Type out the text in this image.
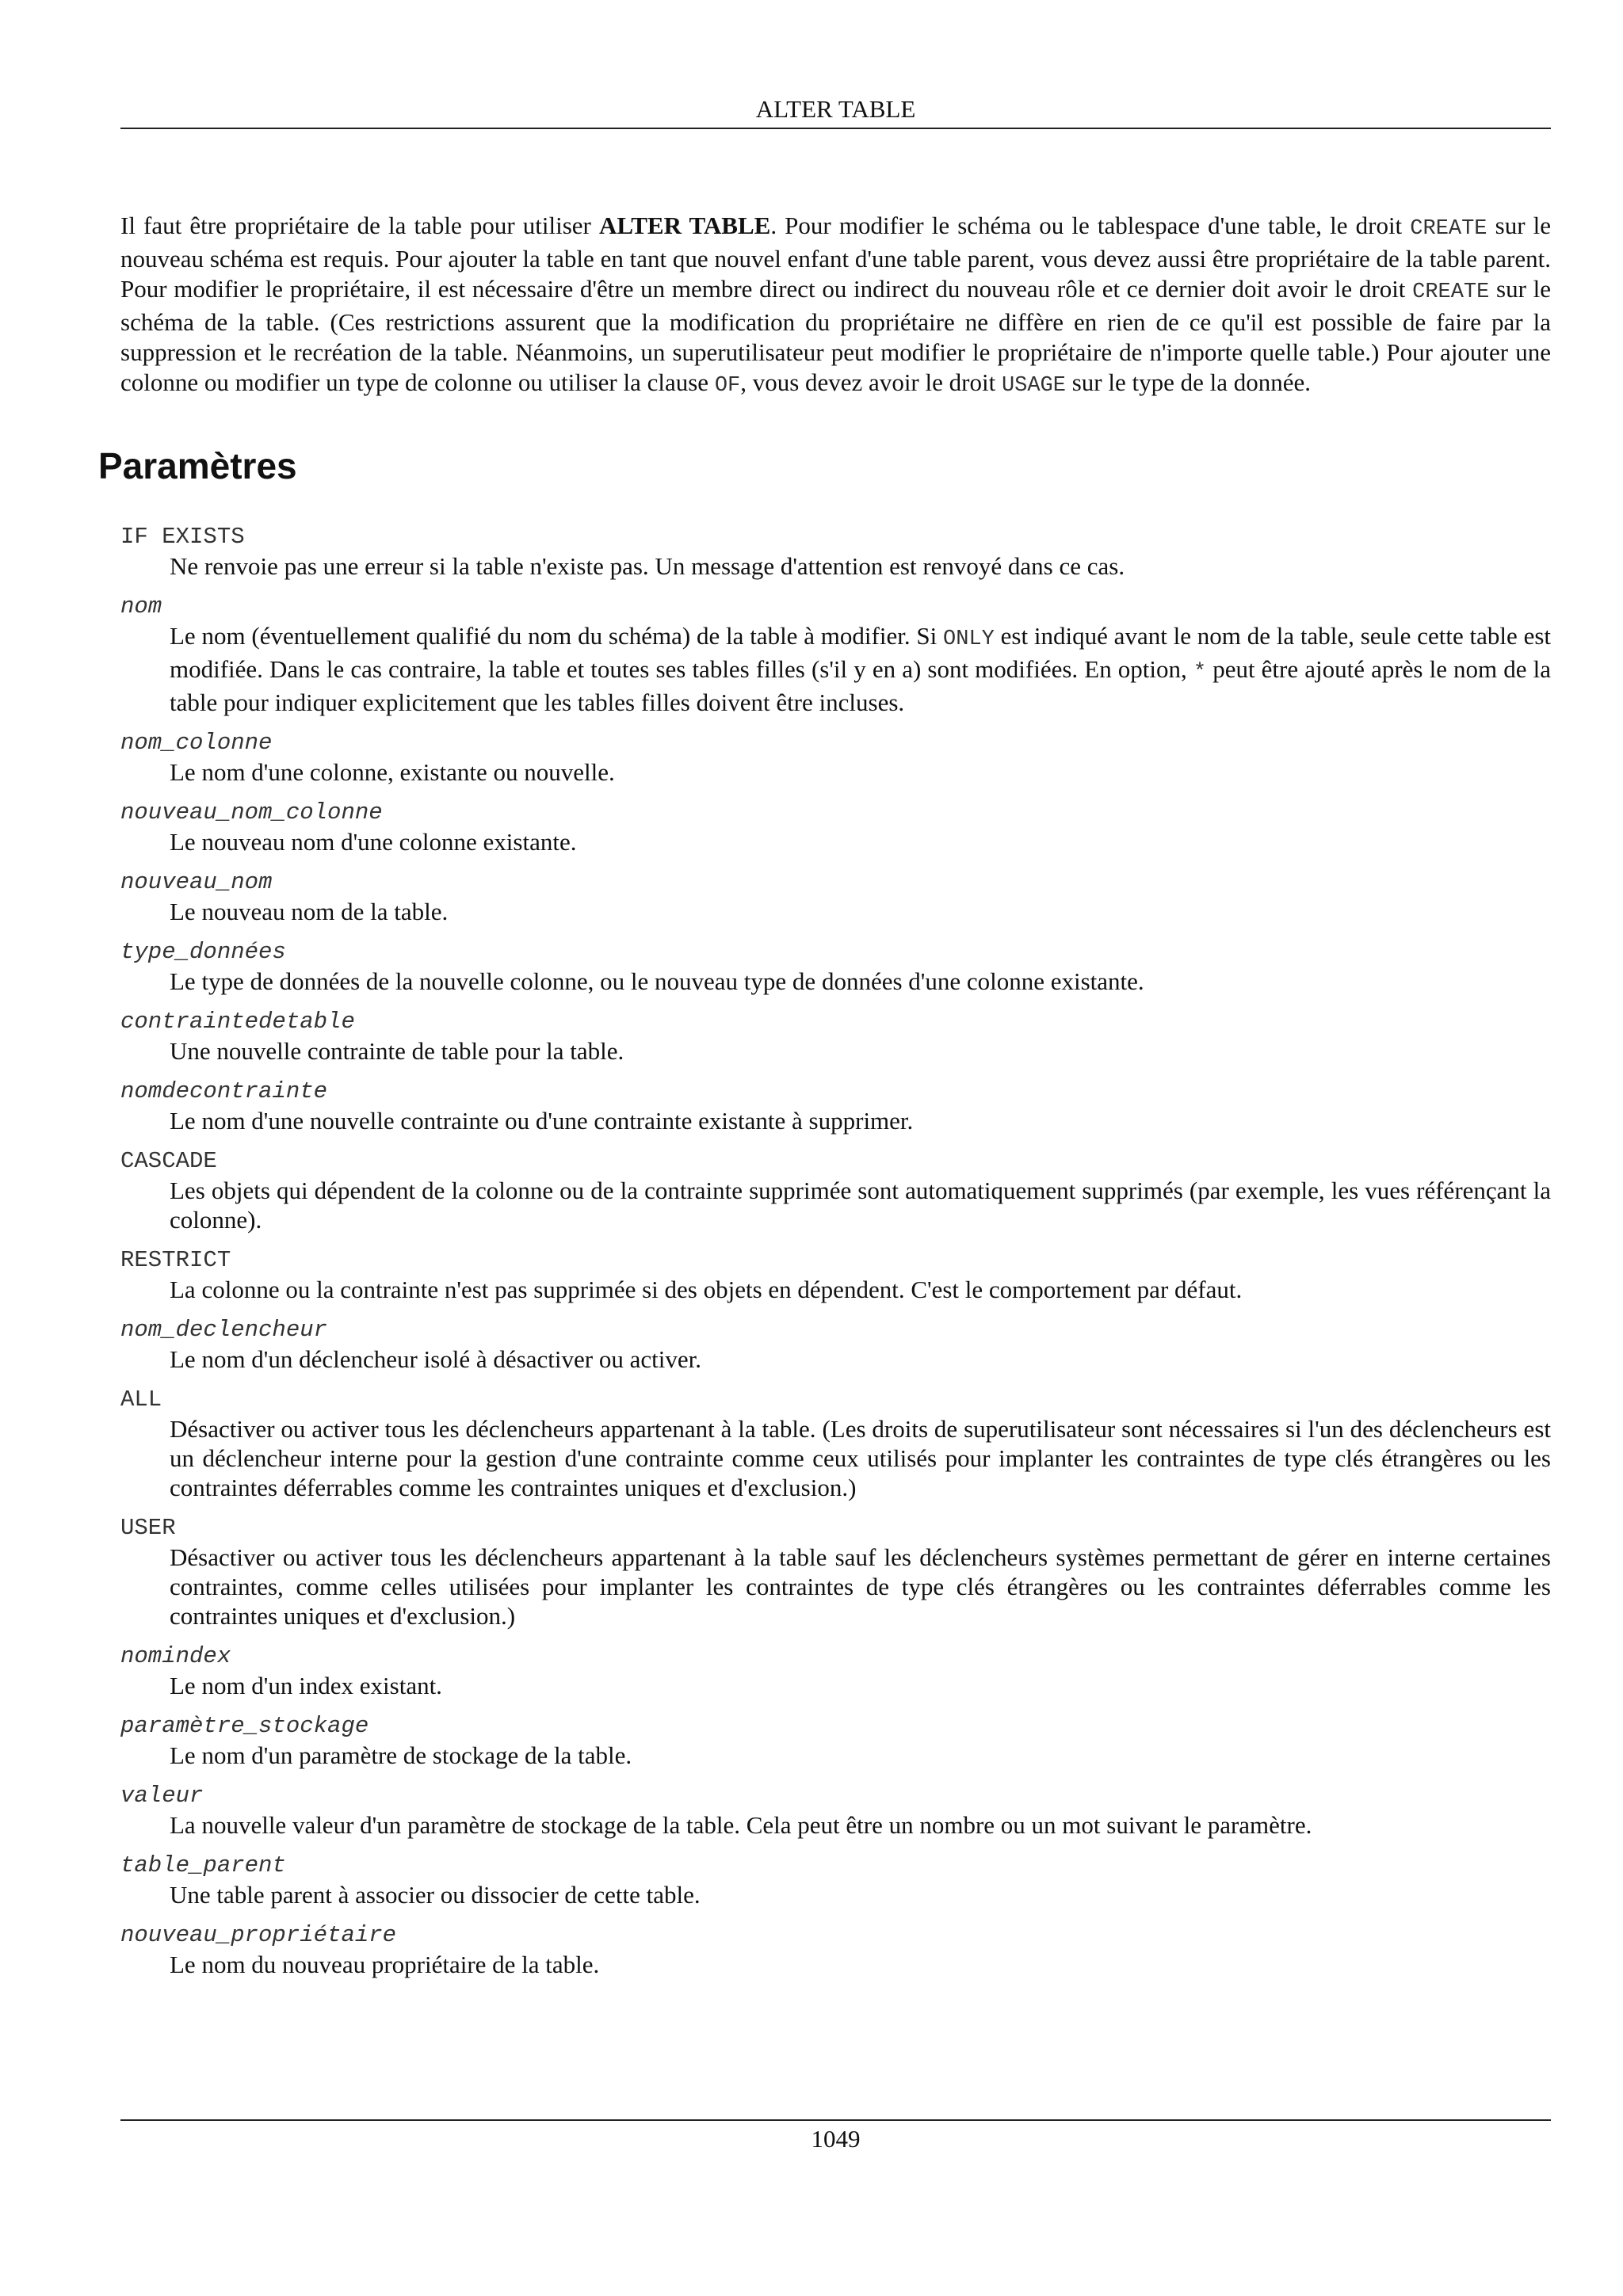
ALTER TABLE

Il faut être propriétaire de la table pour utiliser ALTER TABLE. Pour modifier le schéma ou le tablespace d'une table, le droit CREATE sur le nouveau schéma est requis. Pour ajouter la table en tant que nouvel enfant d'une table parent, vous devez aussi être propriétaire de la table parent. Pour modifier le propriétaire, il est nécessaire d'être un membre direct ou indirect du nouveau rôle et ce dernier doit avoir le droit CREATE sur le schéma de la table. (Ces restrictions assurent que la modification du propriétaire ne diffère en rien de ce qu'il est possible de faire par la suppression et le recréation de la table. Néanmoins, un superutilisateur peut modifier le propriétaire de n'importe quelle table.) Pour ajouter une colonne ou modifier un type de colonne ou utiliser la clause OF, vous devez avoir le droit USAGE sur le type de la donnée.

Paramètres
IF EXISTS
Ne renvoie pas une erreur si la table n'existe pas. Un message d'attention est renvoyé dans ce cas.
nom
Le nom (éventuellement qualifié du nom du schéma) de la table à modifier. Si ONLY est indiqué avant le nom de la table, seule cette table est modifiée. Dans le cas contraire, la table et toutes ses tables filles (s'il y en a) sont modifiées. En option, * peut être ajouté après le nom de la table pour indiquer explicitement que les tables filles doivent être incluses.
nom_colonne
Le nom d'une colonne, existante ou nouvelle.
nouveau_nom_colonne
Le nouveau nom d'une colonne existante.
nouveau_nom
Le nouveau nom de la table.
type_données
Le type de données de la nouvelle colonne, ou le nouveau type de données d'une colonne existante.
contraintedetable
Une nouvelle contrainte de table pour la table.
nomdecontrainte
Le nom d'une nouvelle contrainte ou d'une contrainte existante à supprimer.
CASCADE
Les objets qui dépendent de la colonne ou de la contrainte supprimée sont automatiquement supprimés (par exemple, les vues référençant la colonne).
RESTRICT
La colonne ou la contrainte n'est pas supprimée si des objets en dépendent. C'est le comportement par défaut.
nom_declencheur
Le nom d'un déclencheur isolé à désactiver ou activer.
ALL
Désactiver ou activer tous les déclencheurs appartenant à la table. (Les droits de superutilisateur sont nécessaires si l'un des déclencheurs est un déclencheur interne pour la gestion d'une contrainte comme ceux utilisés pour implanter les contraintes de type clés étrangères ou les contraintes déferrables comme les contraintes uniques et d'exclusion.)
USER
Désactiver ou activer tous les déclencheurs appartenant à la table sauf les déclencheurs systèmes permettant de gérer en interne certaines contraintes, comme celles utilisées pour implanter les contraintes de type clés étrangères ou les contraintes déferrables comme les contraintes uniques et d'exclusion.)
nomindex
Le nom d'un index existant.
paramètre_stockage
Le nom d'un paramètre de stockage de la table.
valeur
La nouvelle valeur d'un paramètre de stockage de la table. Cela peut être un nombre ou un mot suivant le paramètre.
table_parent
Une table parent à associer ou dissocier de cette table.
nouveau_propriétaire
Le nom du nouveau propriétaire de la table.
1049
